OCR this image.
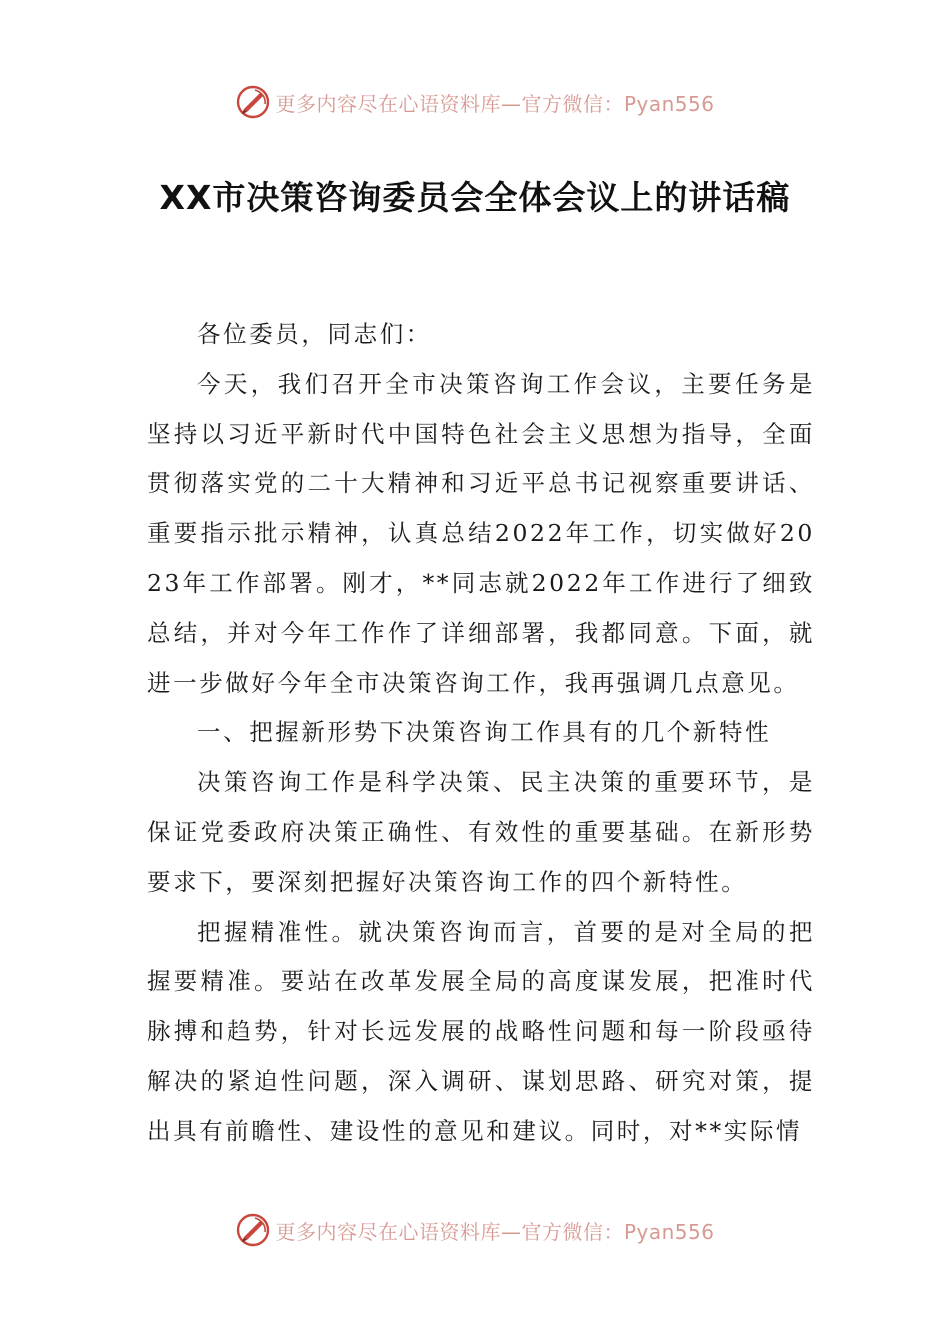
更多内容尽在心语资料库—官方微信：Pyan556
XX市决策咨询委员会全体会议上的讲话稿

各位委员，同志们：

今天，我们召开全市决策咨询工作会议，主要任务是坚持以习近平新时代中国特色社会主义思想为指导，全面贯彻落实党的二十大精神和习近平总书记视察重要讲话、重要指示批示精神，认真总结2022年工作，切实做好2023年工作部署。刚才，**同志就2022年工作进行了细致总结，并对今年工作作了详细部署，我都同意。下面，就进一步做好今年全市决策咨询工作，我再强调几点意见。

一、把握新形势下决策咨询工作具有的几个新特性

决策咨询工作是科学决策、民主决策的重要环节，是保证党委政府决策正确性、有效性的重要基础。在新形势要求下，要深刻把握好决策咨询工作的四个新特性。

把握精准性。就决策咨询而言，首要的是对全局的把握要精准。要站在改革发展全局的高度谋发展，把准时代脉搏和趋势，针对长远发展的战略性问题和每一阶段亟待解决的紧迫性问题，深入调研、谋划思路、研究对策，提出具有前瞻性、建设性的意见和建议。同时，对**实际情

更多内容尽在心语资料库—官方微信：Pyan556
